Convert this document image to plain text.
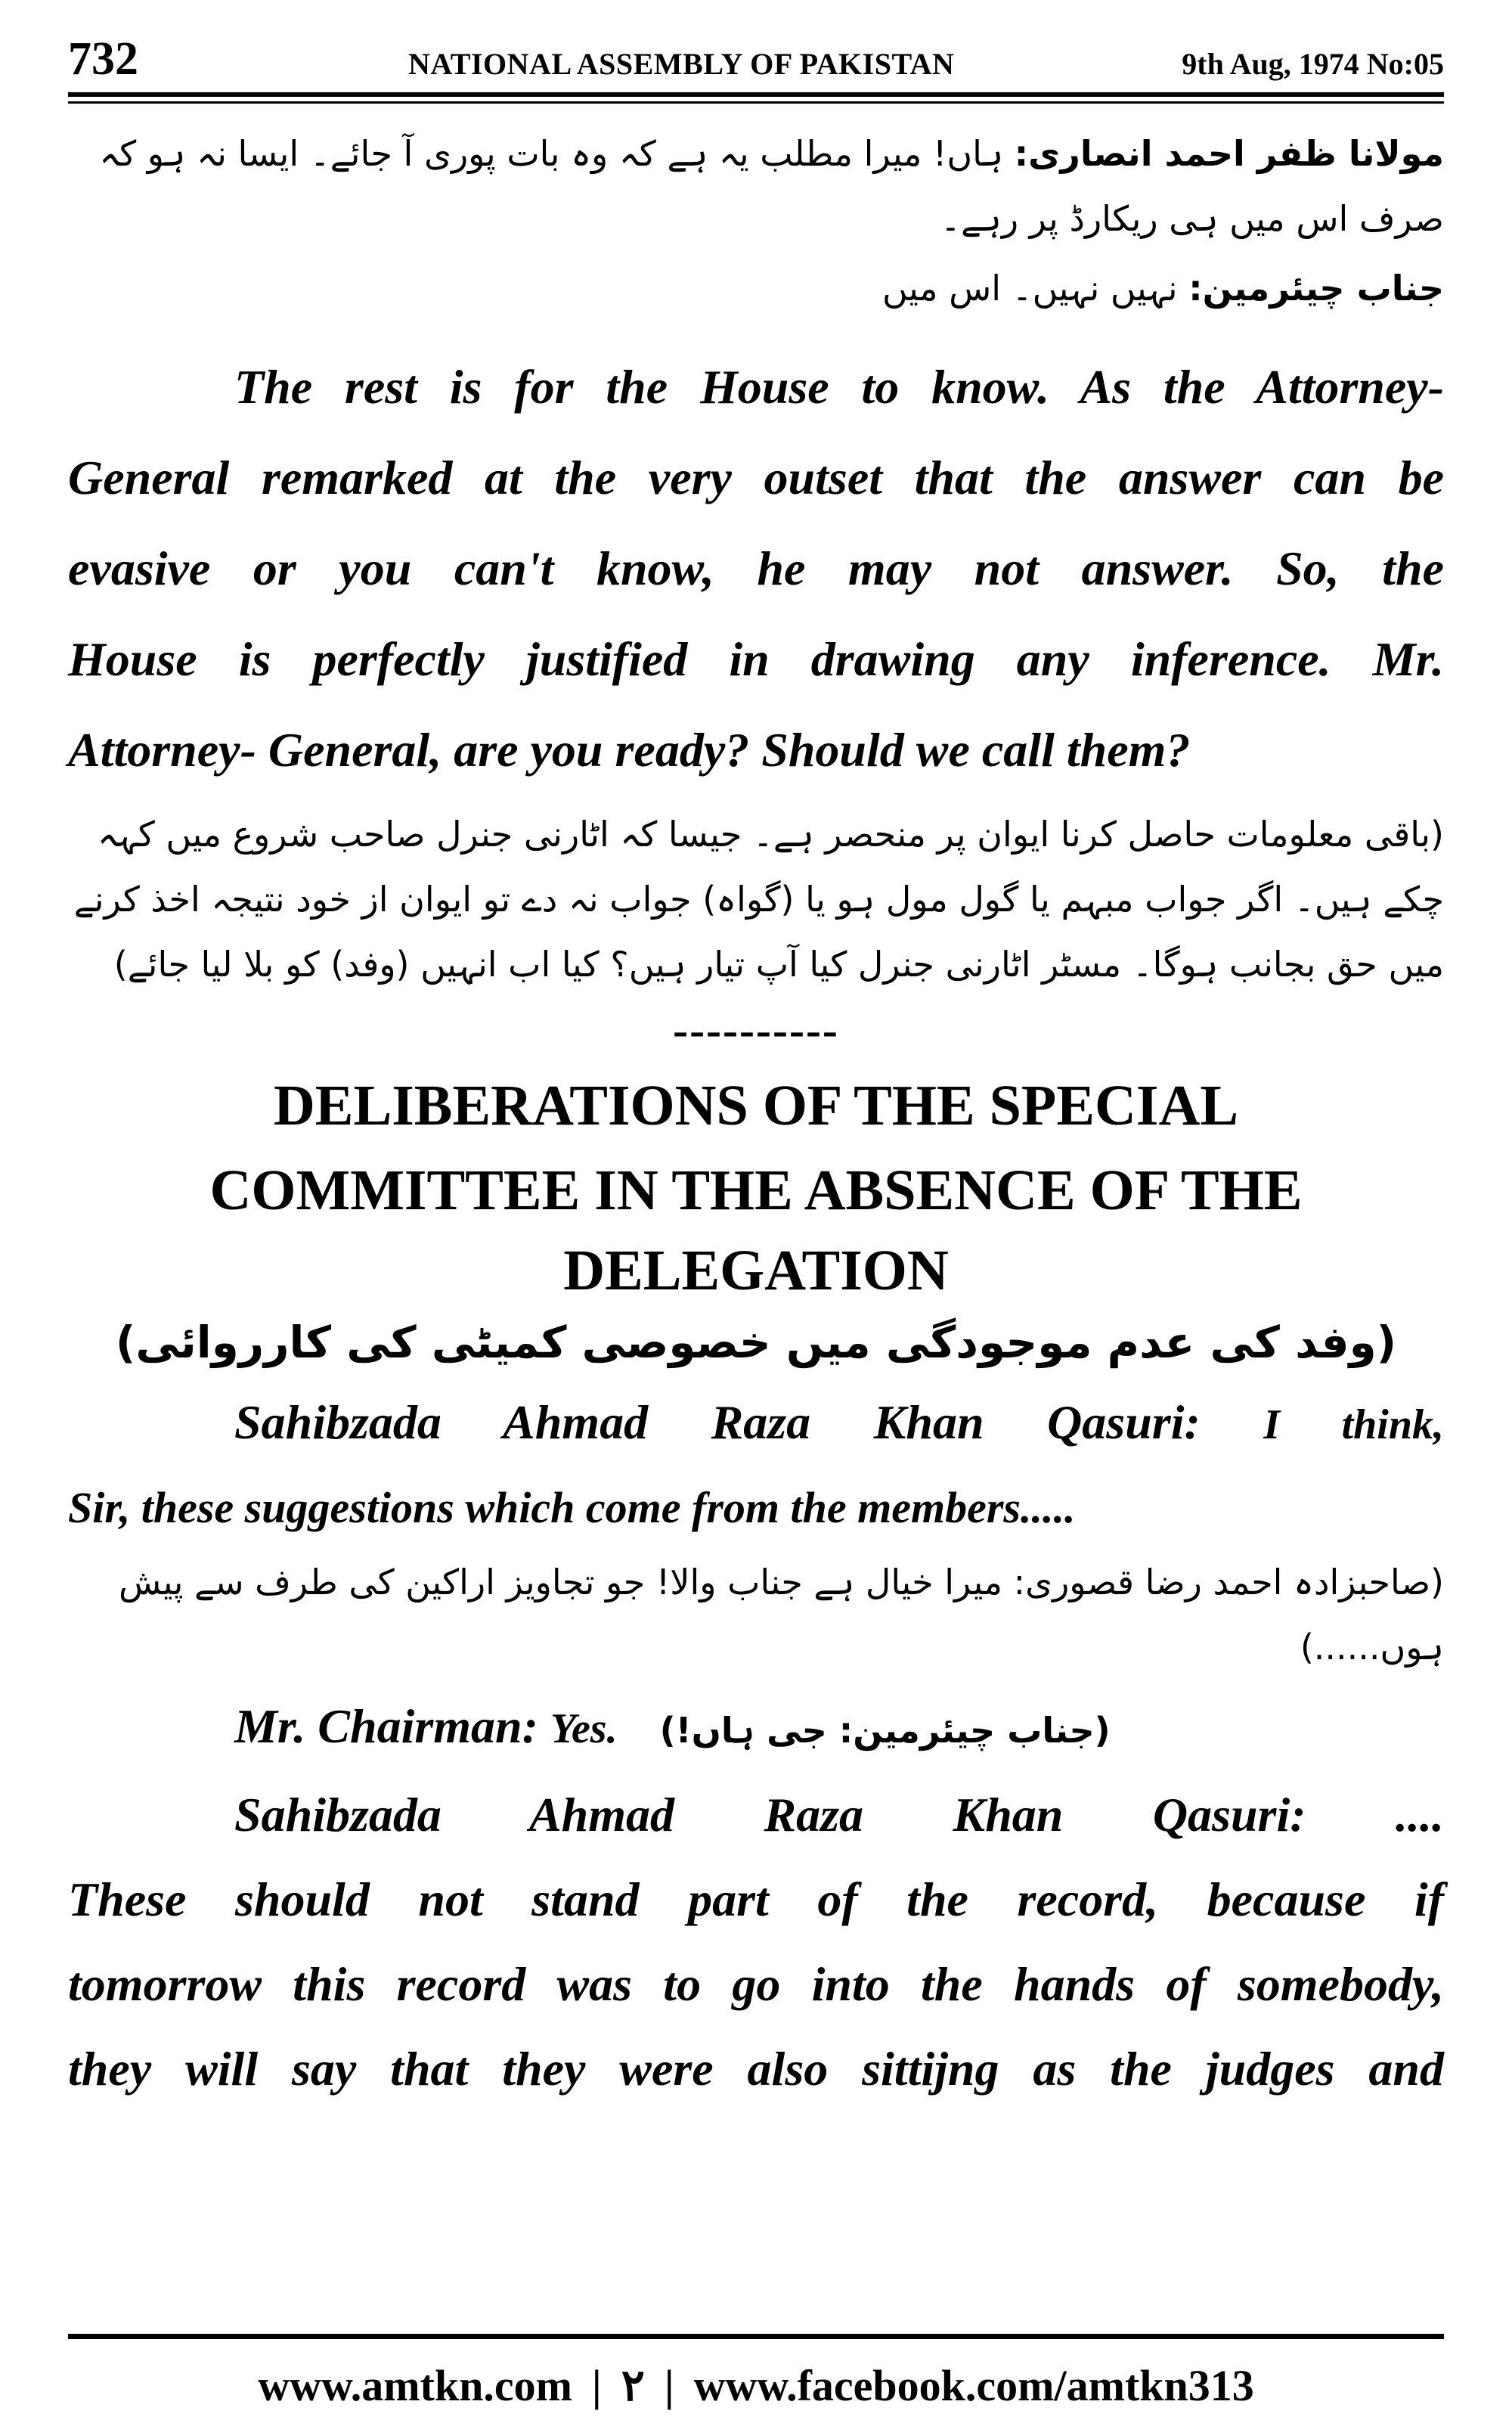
732	NATIONAL ASSEMBLY OF PAKISTAN	9th Aug, 1974 No:05

مولانا ظفر احمد انصاری: ہاں! میرا مطلب یہ ہے کہ وہ بات پوری آ جائے۔ ایسا نہ ہو کہ صرف اس میں ہی ریکارڈ پر رہے۔

جناب چیئرمین: نہیں نہیں۔ اس میں

The rest is for the House to know. As the Attorney-

General remarked at the very outset that the answer can be

evasive or you can't know, he may not answer. So, the

House is perfectly justified in drawing any inference. Mr.

Attorney- General, are you ready? Should we call them?

(باقی معلومات حاصل کرنا ایوان پر منحصر ہے۔ جیسا کہ اٹارنی جنرل صاحب شروع میں کہہ چکے ہیں۔ اگر جواب مبہم یا گول مول ہو یا (گواہ) جواب نہ دے تو ایوان از خود نتیجہ اخذ کرنے میں حق بجانب ہوگا۔ مسٹر اٹارنی جنرل کیا آپ تیار ہیں؟ کیا اب انہیں (وفد) کو بلا لیا جائے)

----------

DELIBERATIONS OF THE SPECIAL

COMMITTEE IN THE ABSENCE OF THE

DELEGATION

(وفد کی عدم موجودگی میں خصوصی کمیٹی کی کارروائی)

Sahibzada Ahmad Raza Khan Qasuri: I think,

Sir, these suggestions which come from the members.....

(صاحبزادہ احمد رضا قصوری: میرا خیال ہے جناب والا! جو تجاویز اراکین کی طرف سے پیش ہوں......)

Mr. Chairman: Yes. (جناب چیئرمین: جی ہاں!)

Sahibzada Ahmad Raza Khan Qasuri: ....

These should not stand part of the record, because if

tomorrow this record was to go into the hands of somebody,

they will say that they were also sittijng as the judges and

www.amtkn.com | ۲ | www.facebook.com/amtkn313
